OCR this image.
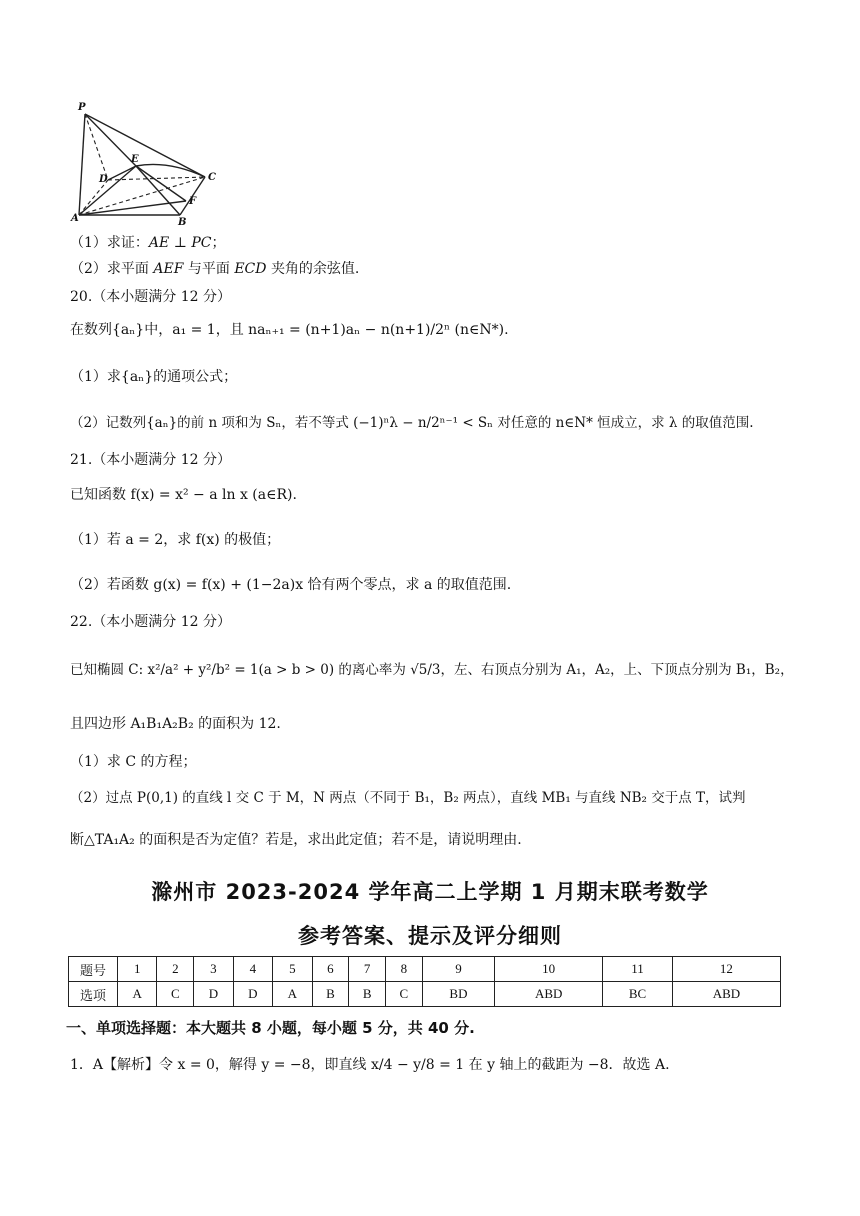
P
E
D	C
F
A	B
（1）求证：AE ⊥ PC；
（2）求平面 AEF 与平面 ECD 夹角的余弦值.
20.（本小题满分 12 分）
在数列{aₙ}中，a₁ = 1，且 naₙ₊₁ = (n+1)aₙ − n(n+1)/2ⁿ (n∈N*).
（1）求{aₙ}的通项公式；
（2）记数列{aₙ}的前 n 项和为 Sₙ，若不等式 (−1)ⁿλ − n/2ⁿ⁻¹ < Sₙ 对任意的 n∈N* 恒成立，求 λ 的取值范围.
21.（本小题满分 12 分）
已知函数 f(x) = x² − a ln x (a∈R).
（1）若 a = 2，求 f(x) 的极值；
（2）若函数 g(x) = f(x) + (1−2a)x 恰有两个零点，求 a 的取值范围.
22.（本小题满分 12 分）
已知椭圆 C: x²/a² + y²/b² = 1(a > b > 0) 的离心率为 √5/3，左、右顶点分别为 A₁，A₂，上、下顶点分别为 B₁，B₂，
且四边形 A₁B₁A₂B₂ 的面积为 12.
（1）求 C 的方程；
（2）过点 P(0,1) 的直线 l 交 C 于 M，N 两点（不同于 B₁，B₂ 两点），直线 MB₁ 与直线 NB₂ 交于点 T，试判
断△TA₁A₂ 的面积是否为定值？若是，求出此定值；若不是，请说明理由.
滁州市 2023-2024 学年高二上学期 1 月期末联考数学
参考答案、提示及评分细则
题号	1	2	3	4	5	6	7	8	9	10	11	12
选项	A	C	D	D	A	B	B	C	BD	ABD	BC	ABD
一、单项选择题：本大题共 8 小题，每小题 5 分，共 40 分.
1．A【解析】令 x = 0，解得 y = −8，即直线 x/4 − y/8 = 1 在 y 轴上的截距为 −8．故选 A.
